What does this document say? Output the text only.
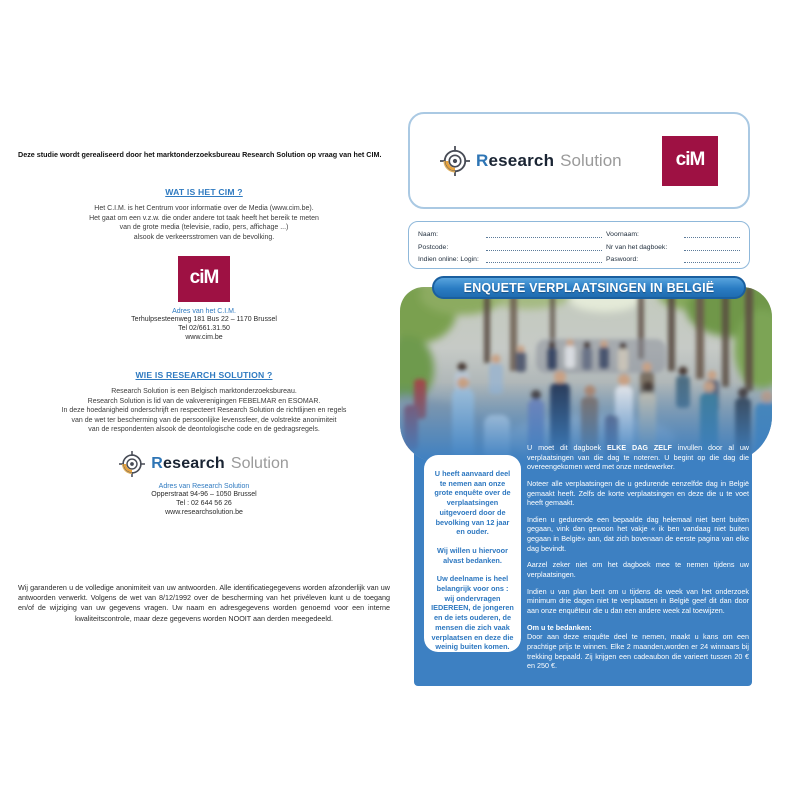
Deze studie wordt gerealiseerd door het marktonderzoeksbureau Research Solution op vraag van het CIM.
WAT IS HET CIM ?
Het C.I.M. is het Centrum voor informatie over de Media (www.cim.be).
Het gaat om een v.z.w. die onder andere tot taak heeft het bereik te meten
van de grote media (televisie, radio, pers, affichage ...)
alsook de verkeersstromen van de bevolking.
ciM
Adres van het C.I.M.
Terhulpsesteenweg 181 Bus 22 – 1170 Brussel
Tel 02/661.31.50
www.cim.be
WIE IS RESEARCH SOLUTION ?
Research Solution is een Belgisch marktonderzoeksbureau.
Research Solution is lid van de vakverenigingen FEBELMAR en ESOMAR.
In deze hoedanigheid onderschrijft en respecteert Research Solution de richtlijnen en regels
van de wet ter bescherming van de persoonlijke levenssfeer, de volstrekte anonimiteit
van de respondenten alsook de deontologische code en de gedragsregels.
Research Solution
Adres van Research Solution
Opperstraat 94-96 – 1050 Brussel
Tel : 02 644 56 26
www.researchsolution.be
Wij garanderen u de volledige anonimiteit van uw antwoorden. Alle identificatiegegevens worden afzonderlijk van uw antwoorden verwerkt. Volgens de wet van 8/12/1992 over de bescherming van het privéleven kunt u de toegang en/of de wijziging van uw gegevens vragen. Uw naam en adresgegevens worden genoemd voor een interne kwaliteitscontrole, maar deze gegevens worden NOOIT aan derden meegedeeld.
Research Solution	ciM
Naam:	Voornaam:
Postcode:	Nr van het dagboek:
Indien online: Login:	Paswoord:
ENQUETE VERPLAATSINGEN IN BELGIË

U heeft aanvaard deel te nemen aan onze grote enquête over de verplaatsingen uitgevoerd door de bevolking van 12 jaar en ouder.

Wij willen u hiervoor alvast bedanken.

Uw deelname is heel belangrijk voor ons : wij ondervragen IEDEREEN, de jongeren en de iets ouderen, de mensen die zich vaak verplaatsen en deze die weinig buiten komen.

U moet dit dagboek ELKE DAG ZELF invullen door al uw verplaatsingen van die dag te noteren. U begint op die dag die overeengekomen werd met onze medewerker.

Noteer alle verplaatsingen die u gedurende eenzelfde dag in België gemaakt heeft. Zelfs de korte verplaatsingen en deze die u te voet heeft gemaakt.

Indien u gedurende een bepaalde dag helemaal niet bent buiten gegaan, vink dan gewoon het vakje « ik ben vandaag niet buiten gegaan in België» aan, dat zich bovenaan de eerste pagina van elke dag bevindt.

Aarzel zeker niet om het dagboek mee te nemen tijdens uw verplaatsingen.

Indien u van plan bent om u tijdens de week van het onderzoek minimum drie dagen niet te verplaatsen in België geef dit dan door aan onze enquêteur die u dan een andere week zal toewijzen.

Om u te bedanken:

Door aan deze enquête deel te nemen, maakt u kans om een prachtige prijs te winnen. Elke 2 maanden,worden er 24 winnaars bij trekking bepaald. Zij krijgen een cadeaubon die varieert tussen 20 € en 250 €.
